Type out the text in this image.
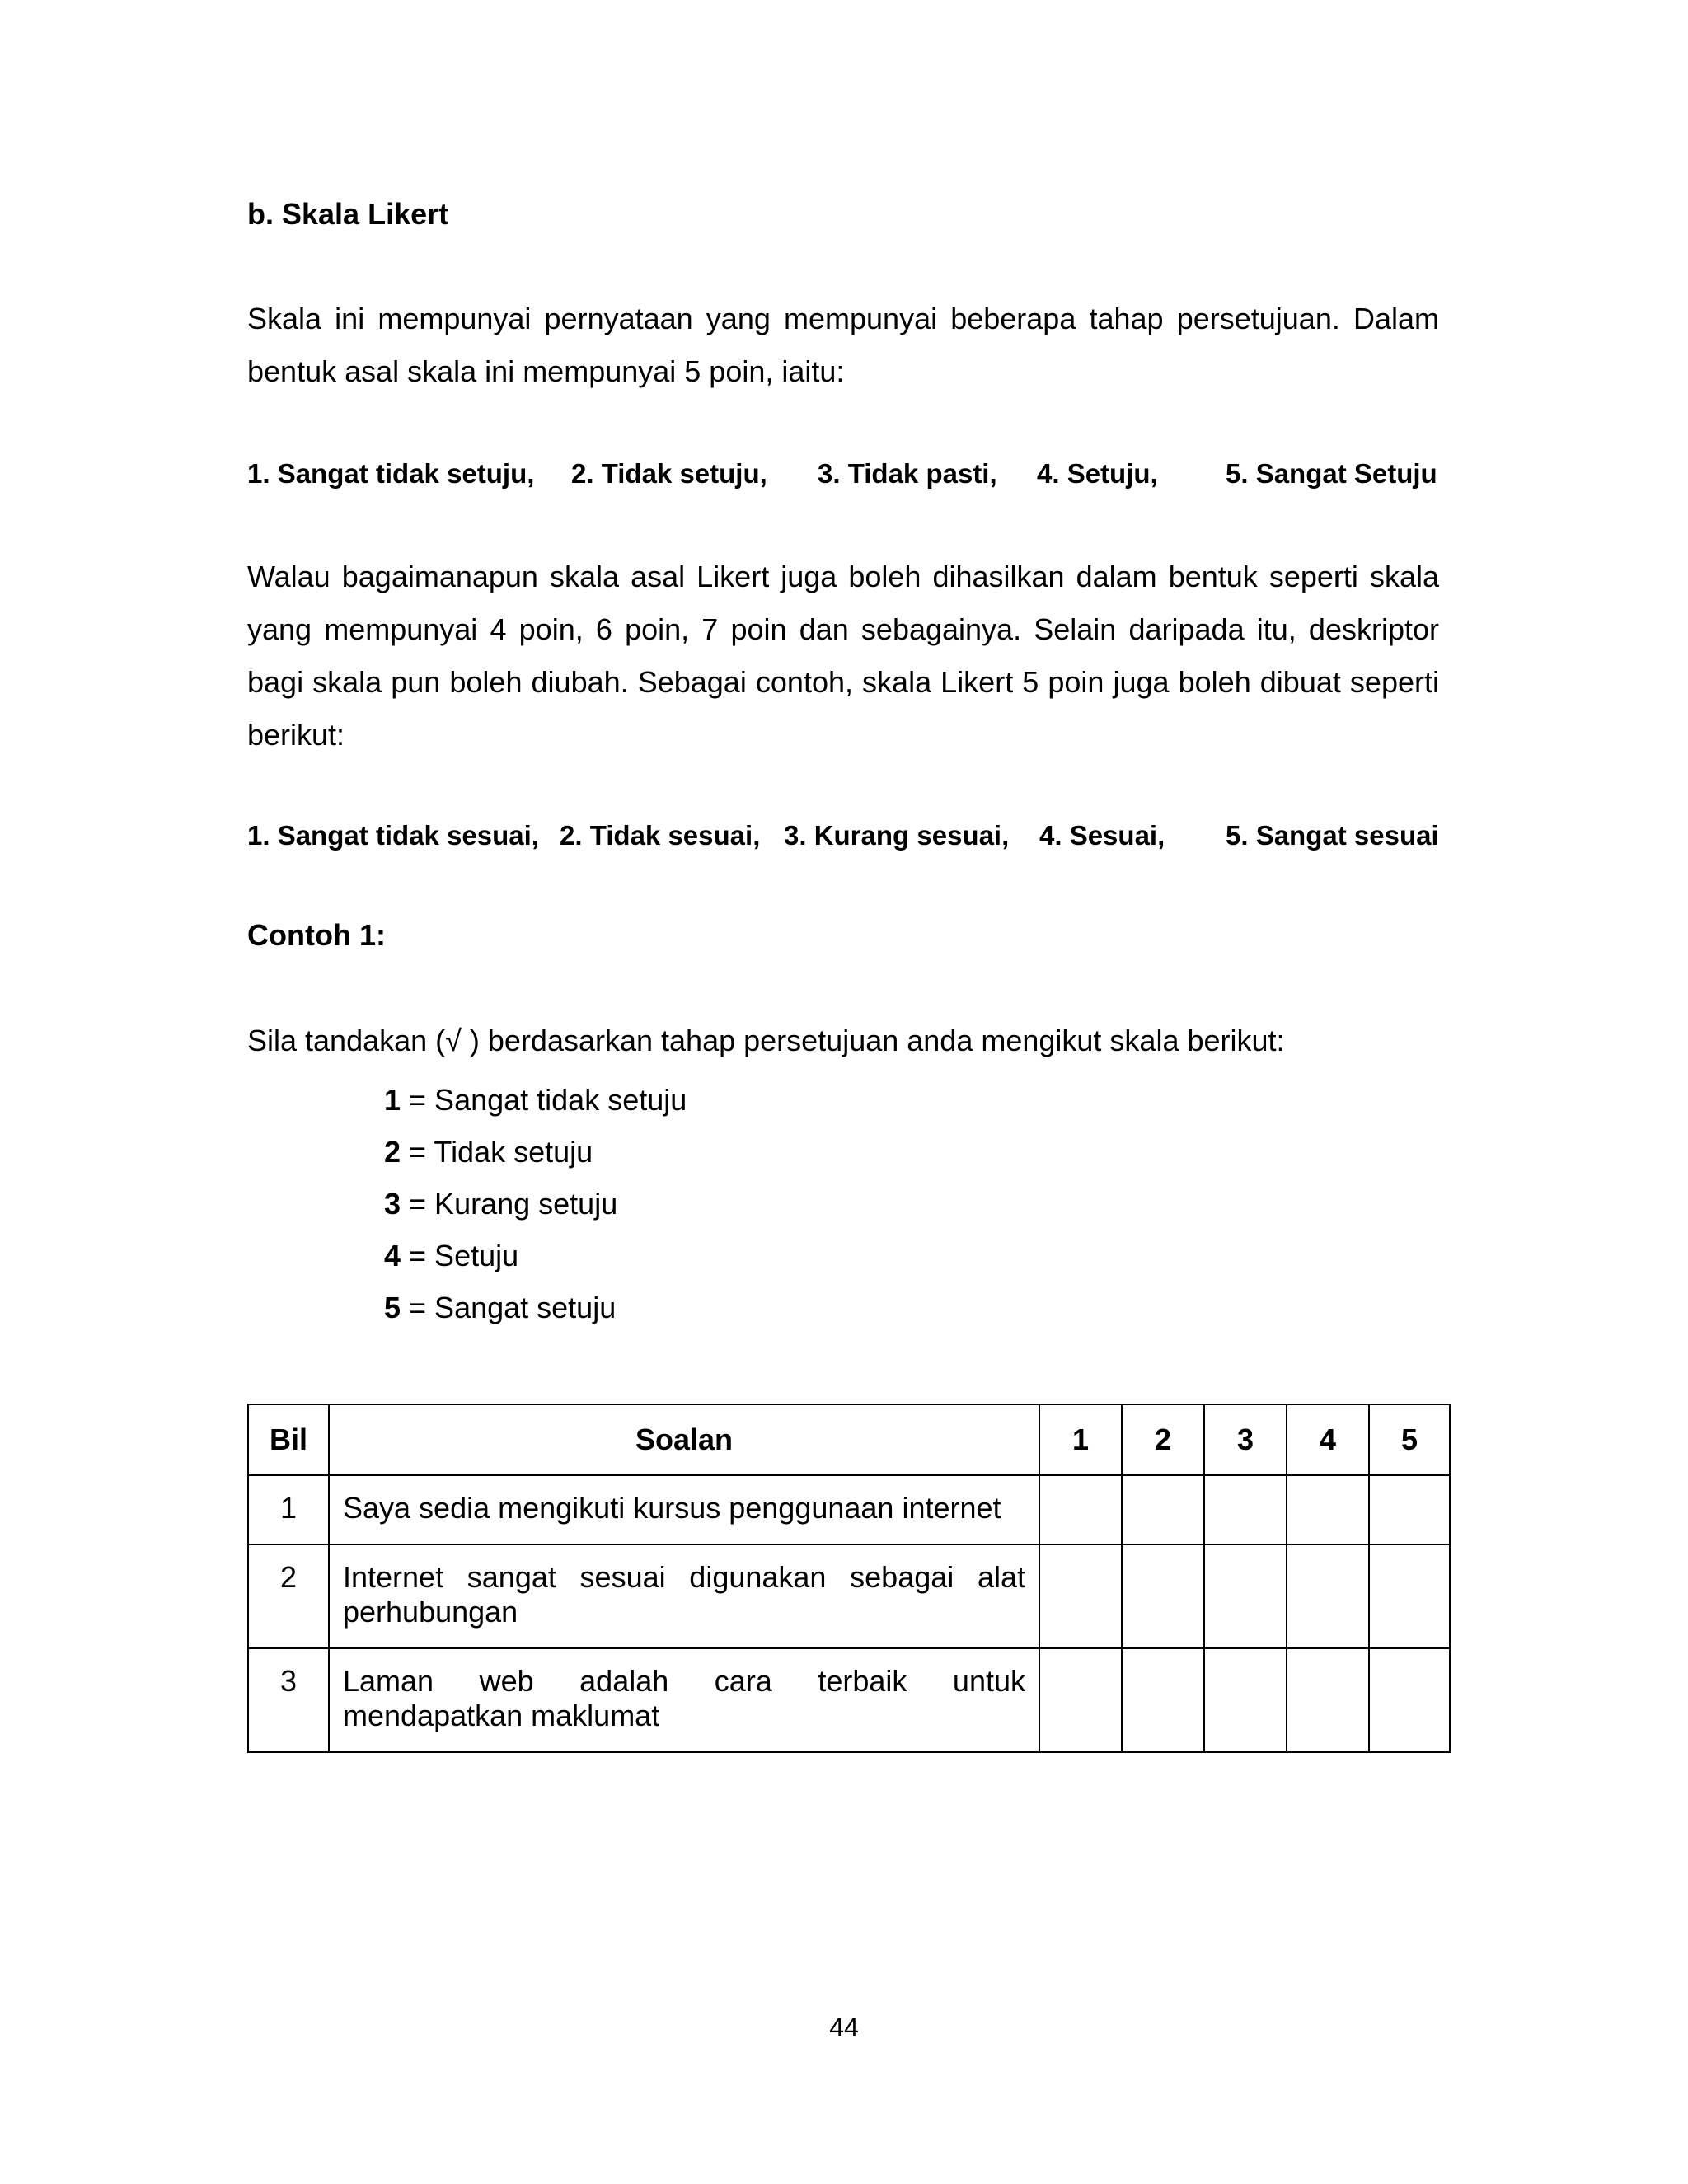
b. Skala Likert
Skala ini mempunyai pernyataan yang mempunyai beberapa tahap persetujuan. Dalam bentuk asal skala ini mempunyai 5 poin, iaitu:
1. Sangat tidak setuju, 2. Tidak setuju, 3. Tidak pasti, 4. Setuju, 5. Sangat Setuju
Walau bagaimanapun skala asal Likert juga boleh dihasilkan dalam bentuk seperti skala yang mempunyai 4 poin, 6 poin, 7 poin dan sebagainya. Selain daripada itu, deskriptor bagi skala pun boleh diubah. Sebagai contoh, skala Likert 5 poin juga boleh dibuat seperti berikut:
1. Sangat tidak sesuai, 2. Tidak sesuai, 3. Kurang sesuai, 4. Sesuai, 5. Sangat sesuai
Contoh 1:
Sila tandakan (√ ) berdasarkan tahap persetujuan anda mengikut skala berikut:
1 = Sangat tidak setuju
2 = Tidak setuju
3 = Kurang setuju
4 = Setuju
5 = Sangat setuju
Bil	Soalan	1	2	3	4	5
1	Saya sedia mengikuti kursus penggunaan internet					
2	Internet sangat sesuai digunakan sebagai alat perhubungan					
3	Laman web adalah cara terbaik untuk mendapatkan maklumat					
44
